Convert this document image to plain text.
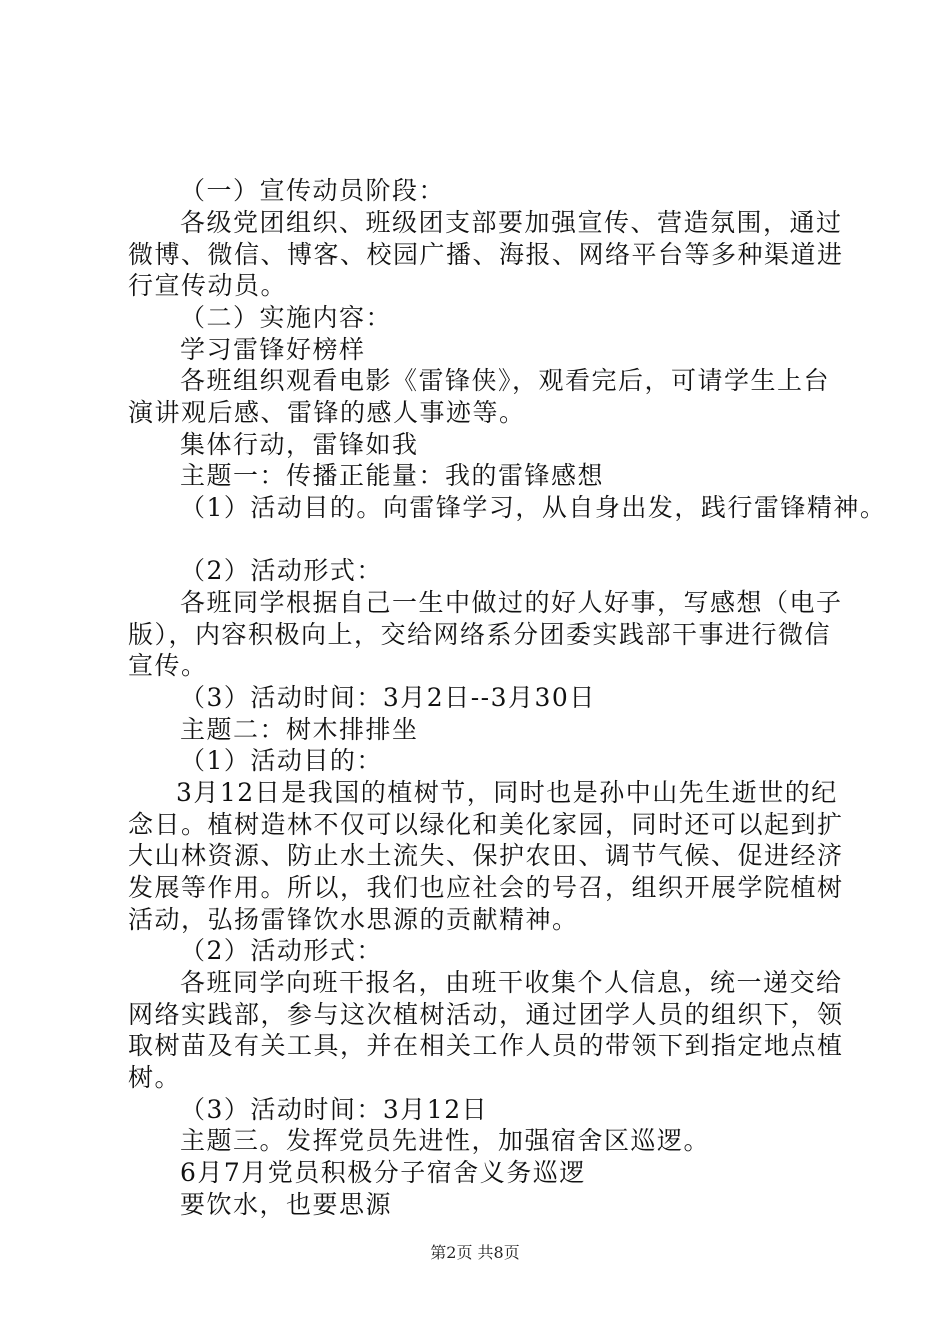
（一）宣传动员阶段：
各级党团组织、班级团支部要加强宣传、营造氛围，通过
微博、微信、博客、校园广播、海报、网络平台等多种渠道进
行宣传动员。
（二）实施内容：
学习雷锋好榜样
各班组织观看电影《雷锋侠》，观看完后，可请学生上台
演讲观后感、雷锋的感人事迹等。
集体行动，雷锋如我
主题一：传播正能量：我的雷锋感想
（1）活动目的。向雷锋学习，从自身出发，践行雷锋精神。
（2）活动形式：
各班同学根据自己一生中做过的好人好事，写感想（电子
版），内容积极向上，交给网络系分团委实践部干事进行微信
宣传。
（3）活动时间：3月2日--3月30日
主题二：树木排排坐
（1）活动目的：
3月12日是我国的植树节，同时也是孙中山先生逝世的纪
念日。植树造林不仅可以绿化和美化家园，同时还可以起到扩
大山林资源、防止水土流失、保护农田、调节气候、促进经济
发展等作用。所以，我们也应社会的号召，组织开展学院植树
活动，弘扬雷锋饮水思源的贡献精神。
（2）活动形式：
各班同学向班干报名，由班干收集个人信息，统一递交给
网络实践部，参与这次植树活动，通过团学人员的组织下，领
取树苗及有关工具，并在相关工作人员的带领下到指定地点植
树。
（3）活动时间：3月12日
主题三。发挥党员先进性，加强宿舍区巡逻。
6月7月党员积极分子宿舍义务巡逻
要饮水，也要思源
第2页 共8页
